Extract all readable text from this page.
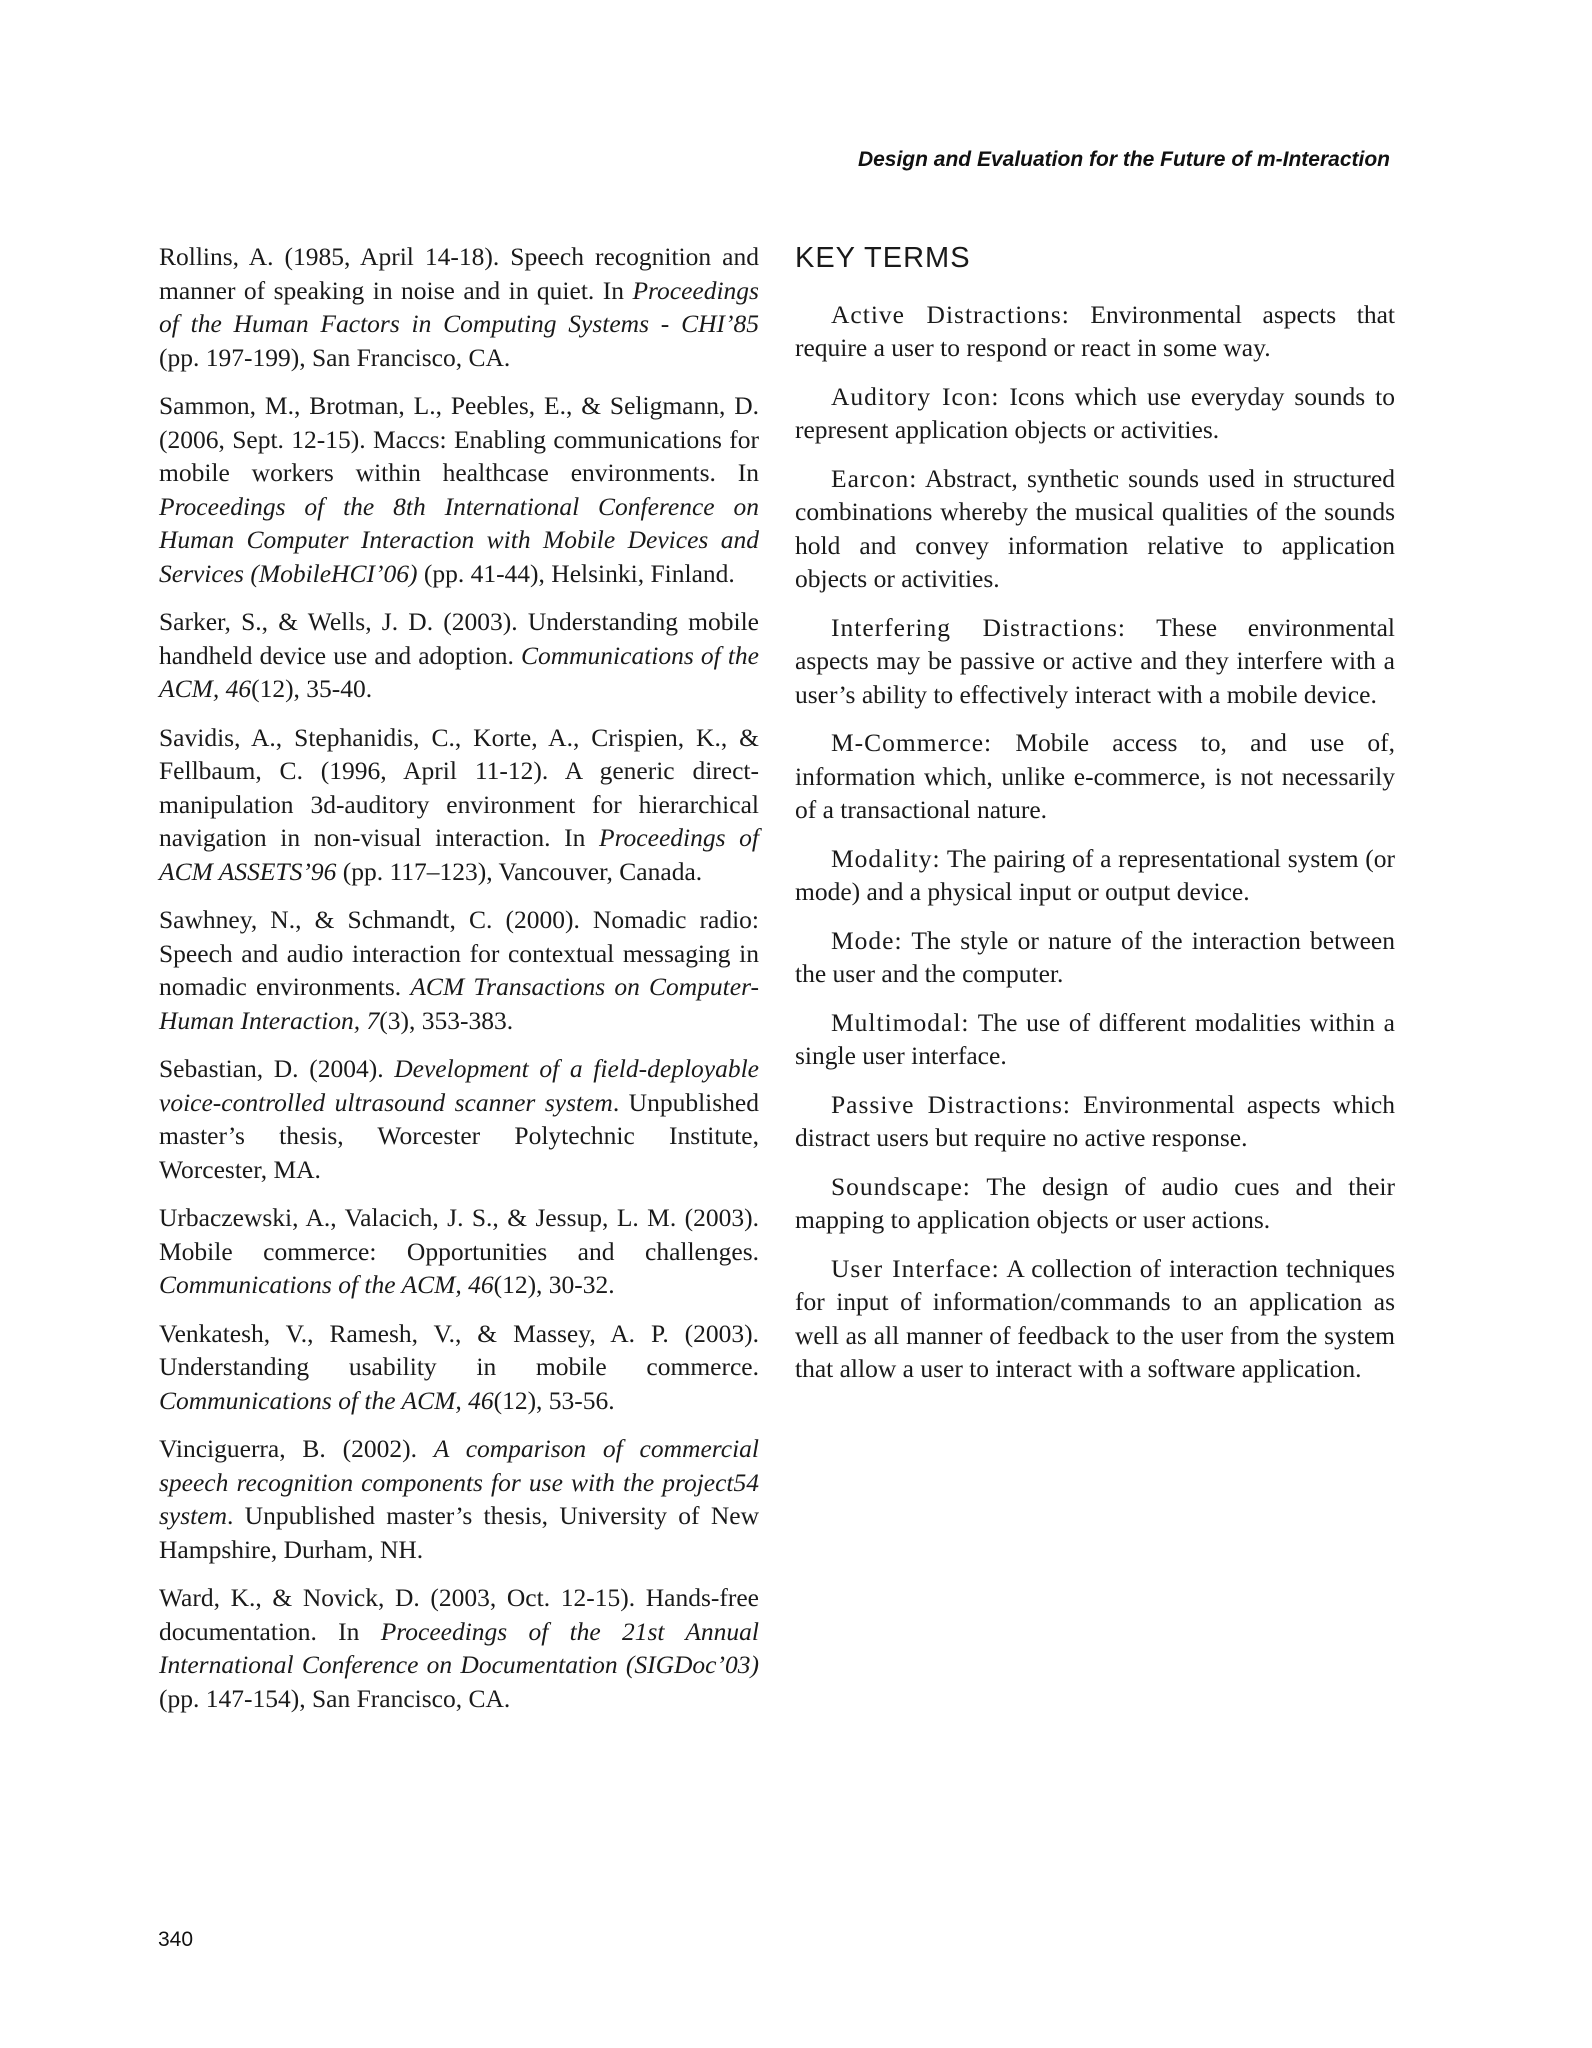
Design and Evaluation for the Future of m-Interaction

Rollins, A. (1985, April 14-18). Speech recognition and manner of speaking in noise and in quiet. In Proceedings of the Human Factors in Computing Systems - CHI’85 (pp. 197-199), San Francisco, CA.

Sammon, M., Brotman, L., Peebles, E., & Seligmann, D. (2006, Sept. 12-15). Maccs: Enabling communications for mobile workers within healthcase environments. In Proceedings of the 8th International Conference on Human Computer Interaction with Mobile Devices and Services (MobileHCI’06) (pp. 41-44), Helsinki, Finland.

Sarker, S., & Wells, J. D. (2003). Understanding mobile handheld device use and adoption. Communications of the ACM, 46(12), 35-40.

Savidis, A., Stephanidis, C., Korte, A., Crispien, K., & Fellbaum, C. (1996, April 11-12). A generic direct-manipulation 3d-auditory environment for hierarchical navigation in non-visual interaction. In Proceedings of ACM ASSETS’96 (pp. 117–123), Vancouver, Canada.

Sawhney, N., & Schmandt, C. (2000). Nomadic radio: Speech and audio interaction for contextual messaging in nomadic environments. ACM Transactions on Computer-Human Interaction, 7(3), 353-383.

Sebastian, D. (2004). Development of a field-deployable voice-controlled ultrasound scanner system. Unpublished master’s thesis, Worcester Polytechnic Institute, Worcester, MA.

Urbaczewski, A., Valacich, J. S., & Jessup, L. M. (2003). Mobile commerce: Opportunities and challenges. Communications of the ACM, 46(12), 30-32.

Venkatesh, V., Ramesh, V., & Massey, A. P. (2003). Understanding usability in mobile commerce. Communications of the ACM, 46(12), 53-56.

Vinciguerra, B. (2002). A comparison of commercial speech recognition components for use with the project54 system. Unpublished master’s thesis, University of New Hampshire, Durham, NH.

Ward, K., & Novick, D. (2003, Oct. 12-15). Hands-free documentation. In Proceedings of the 21st Annual International Conference on Documentation (SIGDoc’03) (pp. 147-154), San Francisco, CA.

KEY TERMS

Active Distractions: Environmental aspects that require a user to respond or react in some way.

Auditory Icon: Icons which use everyday sounds to represent application objects or activities.

Earcon: Abstract, synthetic sounds used in structured combinations whereby the musical qualities of the sounds hold and convey information relative to application objects or activities.

Interfering Distractions: These environmental aspects may be passive or active and they interfere with a user’s ability to effectively interact with a mobile device.

M-Commerce: Mobile access to, and use of, information which, unlike e-commerce, is not necessarily of a transactional nature.

Modality: The pairing of a representational system (or mode) and a physical input or output device.

Mode: The style or nature of the interaction between the user and the computer.

Multimodal: The use of different modalities within a single user interface.

Passive Distractions: Environmental aspects which distract users but require no active response.

Soundscape: The design of audio cues and their mapping to application objects or user actions.

User Interface: A collection of interaction techniques for input of information/commands to an application as well as all manner of feedback to the user from the system that allow a user to interact with a software application.

340
